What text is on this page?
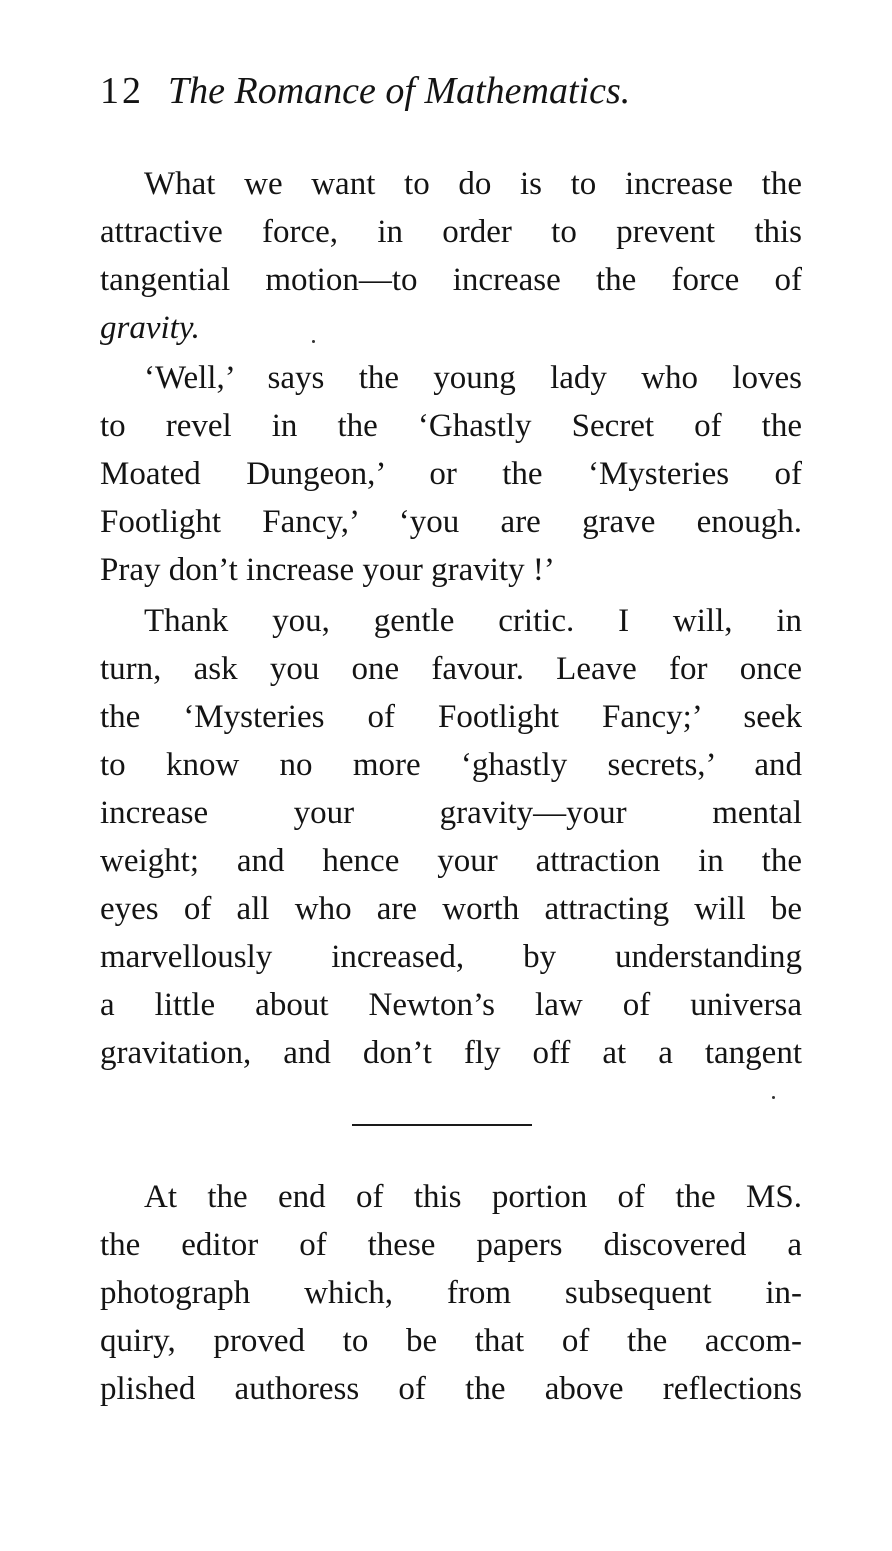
12 The Romance of Mathematics.
What we want to do is to increase the
attractive force, in order to prevent this
tangential motion—to increase the force of
gravity.
‘Well,’ says the young lady who loves
to revel in the ‘Ghastly Secret of the
Moated Dungeon,’ or the ‘Mysteries of
Footlight Fancy,’ ‘you are grave enough.
Pray don’t increase your gravity !’
Thank you, gentle critic. I will, in
turn, ask you one favour. Leave for once
the ‘Mysteries of Footlight Fancy;’ seek
to know no more ‘ghastly secrets,’ and
increase your gravity—your mental
weight; and hence your attraction in the
eyes of all who are worth attracting will be
marvellously increased, by understanding
a little about Newton’s law of universa
gravitation, and don’t fly off at a tangent
At the end of this portion of the MS.
the editor of these papers discovered a
photograph which, from subsequent in-
quiry, proved to be that of the accom-
plished authoress of the above reflections
